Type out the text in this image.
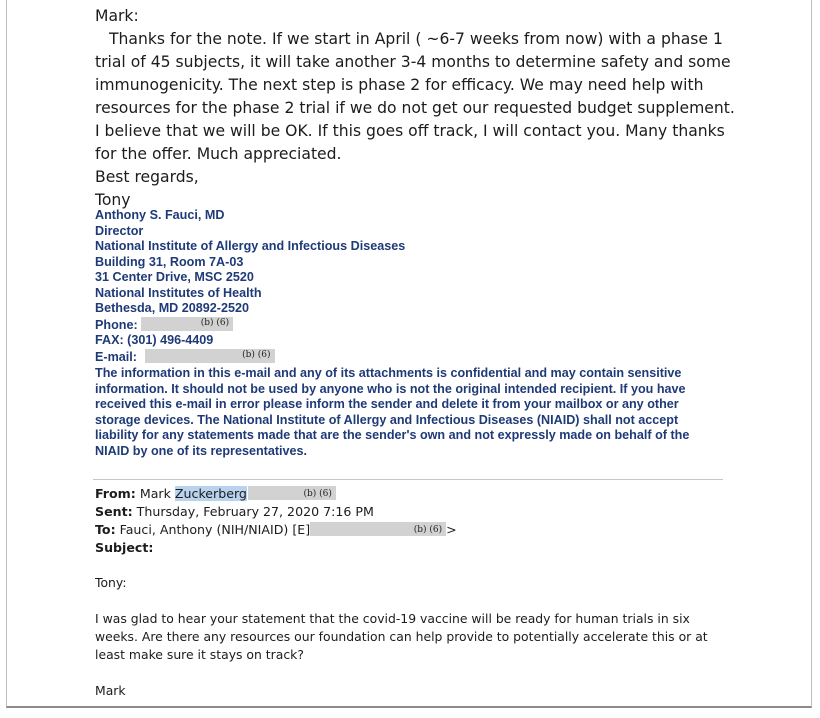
Mark:

Thanks for the note. If we start in April ( ~6-7 weeks from now) with a phase 1 trial of 45 subjects, it will take another 3-4 months to determine safety and some immunogenicity. The next step is phase 2 for efficacy. We may need help with resources for the phase 2 trial if we do not get our requested budget supplement. I believe that we will be OK. If this goes off track, I will contact you. Many thanks for the offer. Much appreciated.

Best regards,

Tony

Anthony S. Fauci, MD
Director
National Institute of Allergy and Infectious Diseases
Building 31, Room 7A-03
31 Center Drive, MSC 2520
National Institutes of Health
Bethesda, MD 20892-2520
Phone:	(b) (6)
FAX: (301) 496-4409
E-mail:	(b) (6)
The information in this e-mail and any of its attachments is confidential and may contain sensitive information. It should not be used by anyone who is not the original intended recipient. If you have received this e-mail in error please inform the sender and delete it from your mailbox or any other storage devices. The National Institute of Allergy and Infectious Diseases (NIAID) shall not accept liability for any statements made that are the sender's own and not expressly made on behalf of the NIAID by one of its representatives.
From: Mark Zuckerberg	(b) (6)
Sent: Thursday, February 27, 2020 7:16 PM
To: Fauci, Anthony (NIH/NIAID) [E]	(b) (6) >
Subject:

Tony:

I was glad to hear your statement that the covid-19 vaccine will be ready for human trials in six weeks. Are there any resources our foundation can help provide to potentially accelerate this or at least make sure it stays on track?

Mark
